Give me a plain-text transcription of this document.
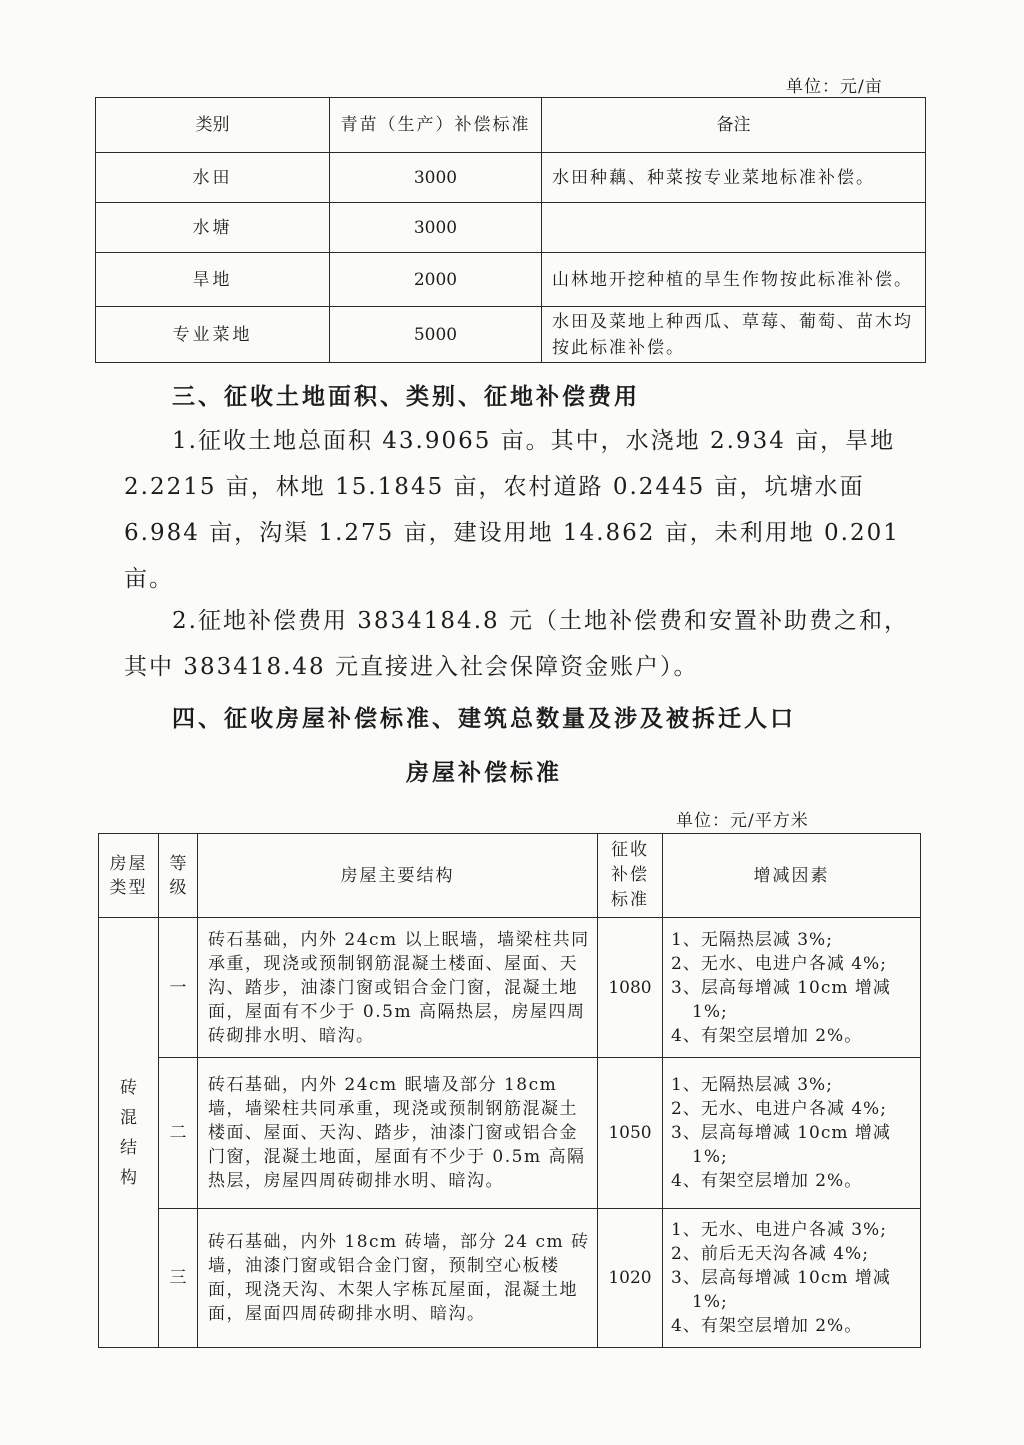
单位：元/亩
类别	青苗（生产）补偿标准	备注
水田	3000	水田种藕、种菜按专业菜地标准补偿。
水塘	3000	
旱地	2000	山林地开挖种植的旱生作物按此标准补偿。
专业菜地	5000	水田及菜地上种西瓜、草莓、葡萄、苗木均按此标准补偿。
三、征收土地面积、类别、征地补偿费用
1.征收土地总面积 43.9065 亩。其中，水浇地 2.934 亩，旱地 2.2215 亩，林地 15.1845 亩，农村道路 0.2445 亩，坑塘水面 6.984 亩，沟渠 1.275 亩，建设用地 14.862 亩，未利用地 0.201 亩。
2.征地补偿费用 3834184.8 元（土地补偿费和安置补助费之和，其中 383418.48 元直接进入社会保障资金账户）。
四、征收房屋补偿标准、建筑总数量及涉及被拆迁人口
房屋补偿标准
单位：元/平方米
房屋类型	等级	房屋主要结构	征收补偿标准	增减因素

砖混结构	一	砖石基础，内外 24cm 以上眠墙，墙梁柱共同承重，现浇或预制钢筋混凝土楼面、屋面、天沟、踏步，油漆门窗或铝合金门窗，混凝土地面，屋面有不少于 0.5m 高隔热层，房屋四周砖砌排水明、暗沟。	1080	1、无隔热层减 3%;
2、无水、电进户各减 4%;
3、层高每增减 10cm 增减
1%;
4、有架空层增加 2%。

	二	砖石基础，内外 24cm 眠墙及部分 18cm 墙，墙梁柱共同承重，现浇或预制钢筋混凝土楼面、屋面、天沟、踏步，油漆门窗或铝合金门窗，混凝土地面，屋面有不少于 0.5m 高隔热层，房屋四周砖砌排水明、暗沟。	1050	1、无隔热层减 3%;
2、无水、电进户各减 4%;
3、层高每增减 10cm 增减
1%;
4、有架空层增加 2%。

	三	砖石基础，内外 18cm 砖墙，部分 24 cm 砖墙，油漆门窗或铝合金门窗，预制空心板楼面，现浇天沟、木架人字栋瓦屋面，混凝土地面，屋面四周砖砌排水明、暗沟。	1020	1、无水、电进户各减 3%;
2、前后无天沟各减 4%;
3、层高每增减 10cm 增减
1%;
4、有架空层增加 2%。
